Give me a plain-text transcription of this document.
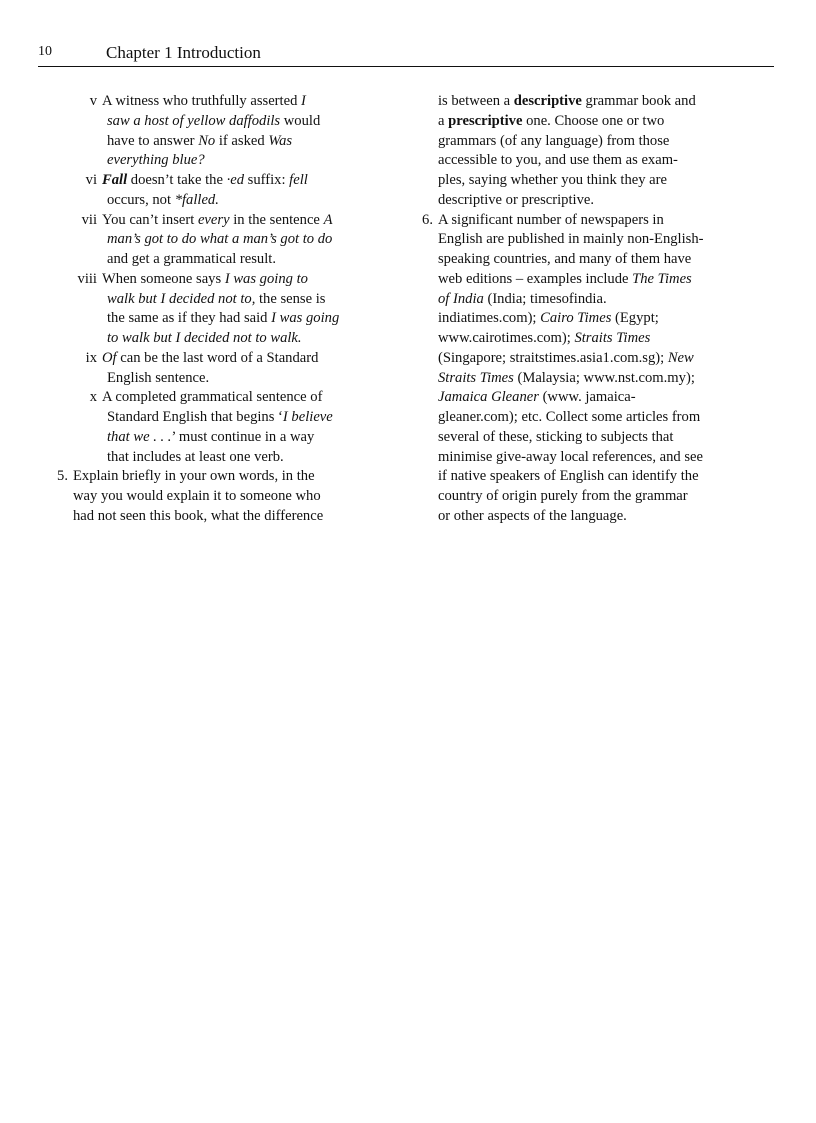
10	Chapter 1 Introduction
v A witness who truthfully asserted I
saw a host of yellow daffodils would
have to answer No if asked Was
everything blue?
vi Fall doesn’t take the ·ed suffix: fell
occurs, not *falled.
vii You can’t insert every in the sentence A
man’s got to do what a man’s got to do
and get a grammatical result.
viii When someone says I was going to
walk but I decided not to, the sense is
the same as if they had said I was going
to walk but I decided not to walk.
ix Of can be the last word of a Standard
English sentence.
x A completed grammatical sentence of
Standard English that begins ‘I believe
that we . . .’ must continue in a way
that includes at least one verb.
5. Explain briefly in your own words, in the
way you would explain it to someone who
had not seen this book, what the difference
is between a descriptive grammar book and
a prescriptive one. Choose one or two
grammars (of any language) from those
accessible to you, and use them as exam-
ples, saying whether you think they are
descriptive or prescriptive.
6. A significant number of newspapers in
English are published in mainly non-English-
speaking countries, and many of them have
web editions – examples include The Times
of India (India; timesofindia.
indiatimes.com); Cairo Times (Egypt;
www.cairotimes.com); Straits Times
(Singapore; straitstimes.asia1.com.sg); New
Straits Times (Malaysia; www.nst.com.my);
Jamaica Gleaner (www. jamaica-
gleaner.com); etc. Collect some articles from
several of these, sticking to subjects that
minimise give-away local references, and see
if native speakers of English can identify the
country of origin purely from the grammar
or other aspects of the language.
